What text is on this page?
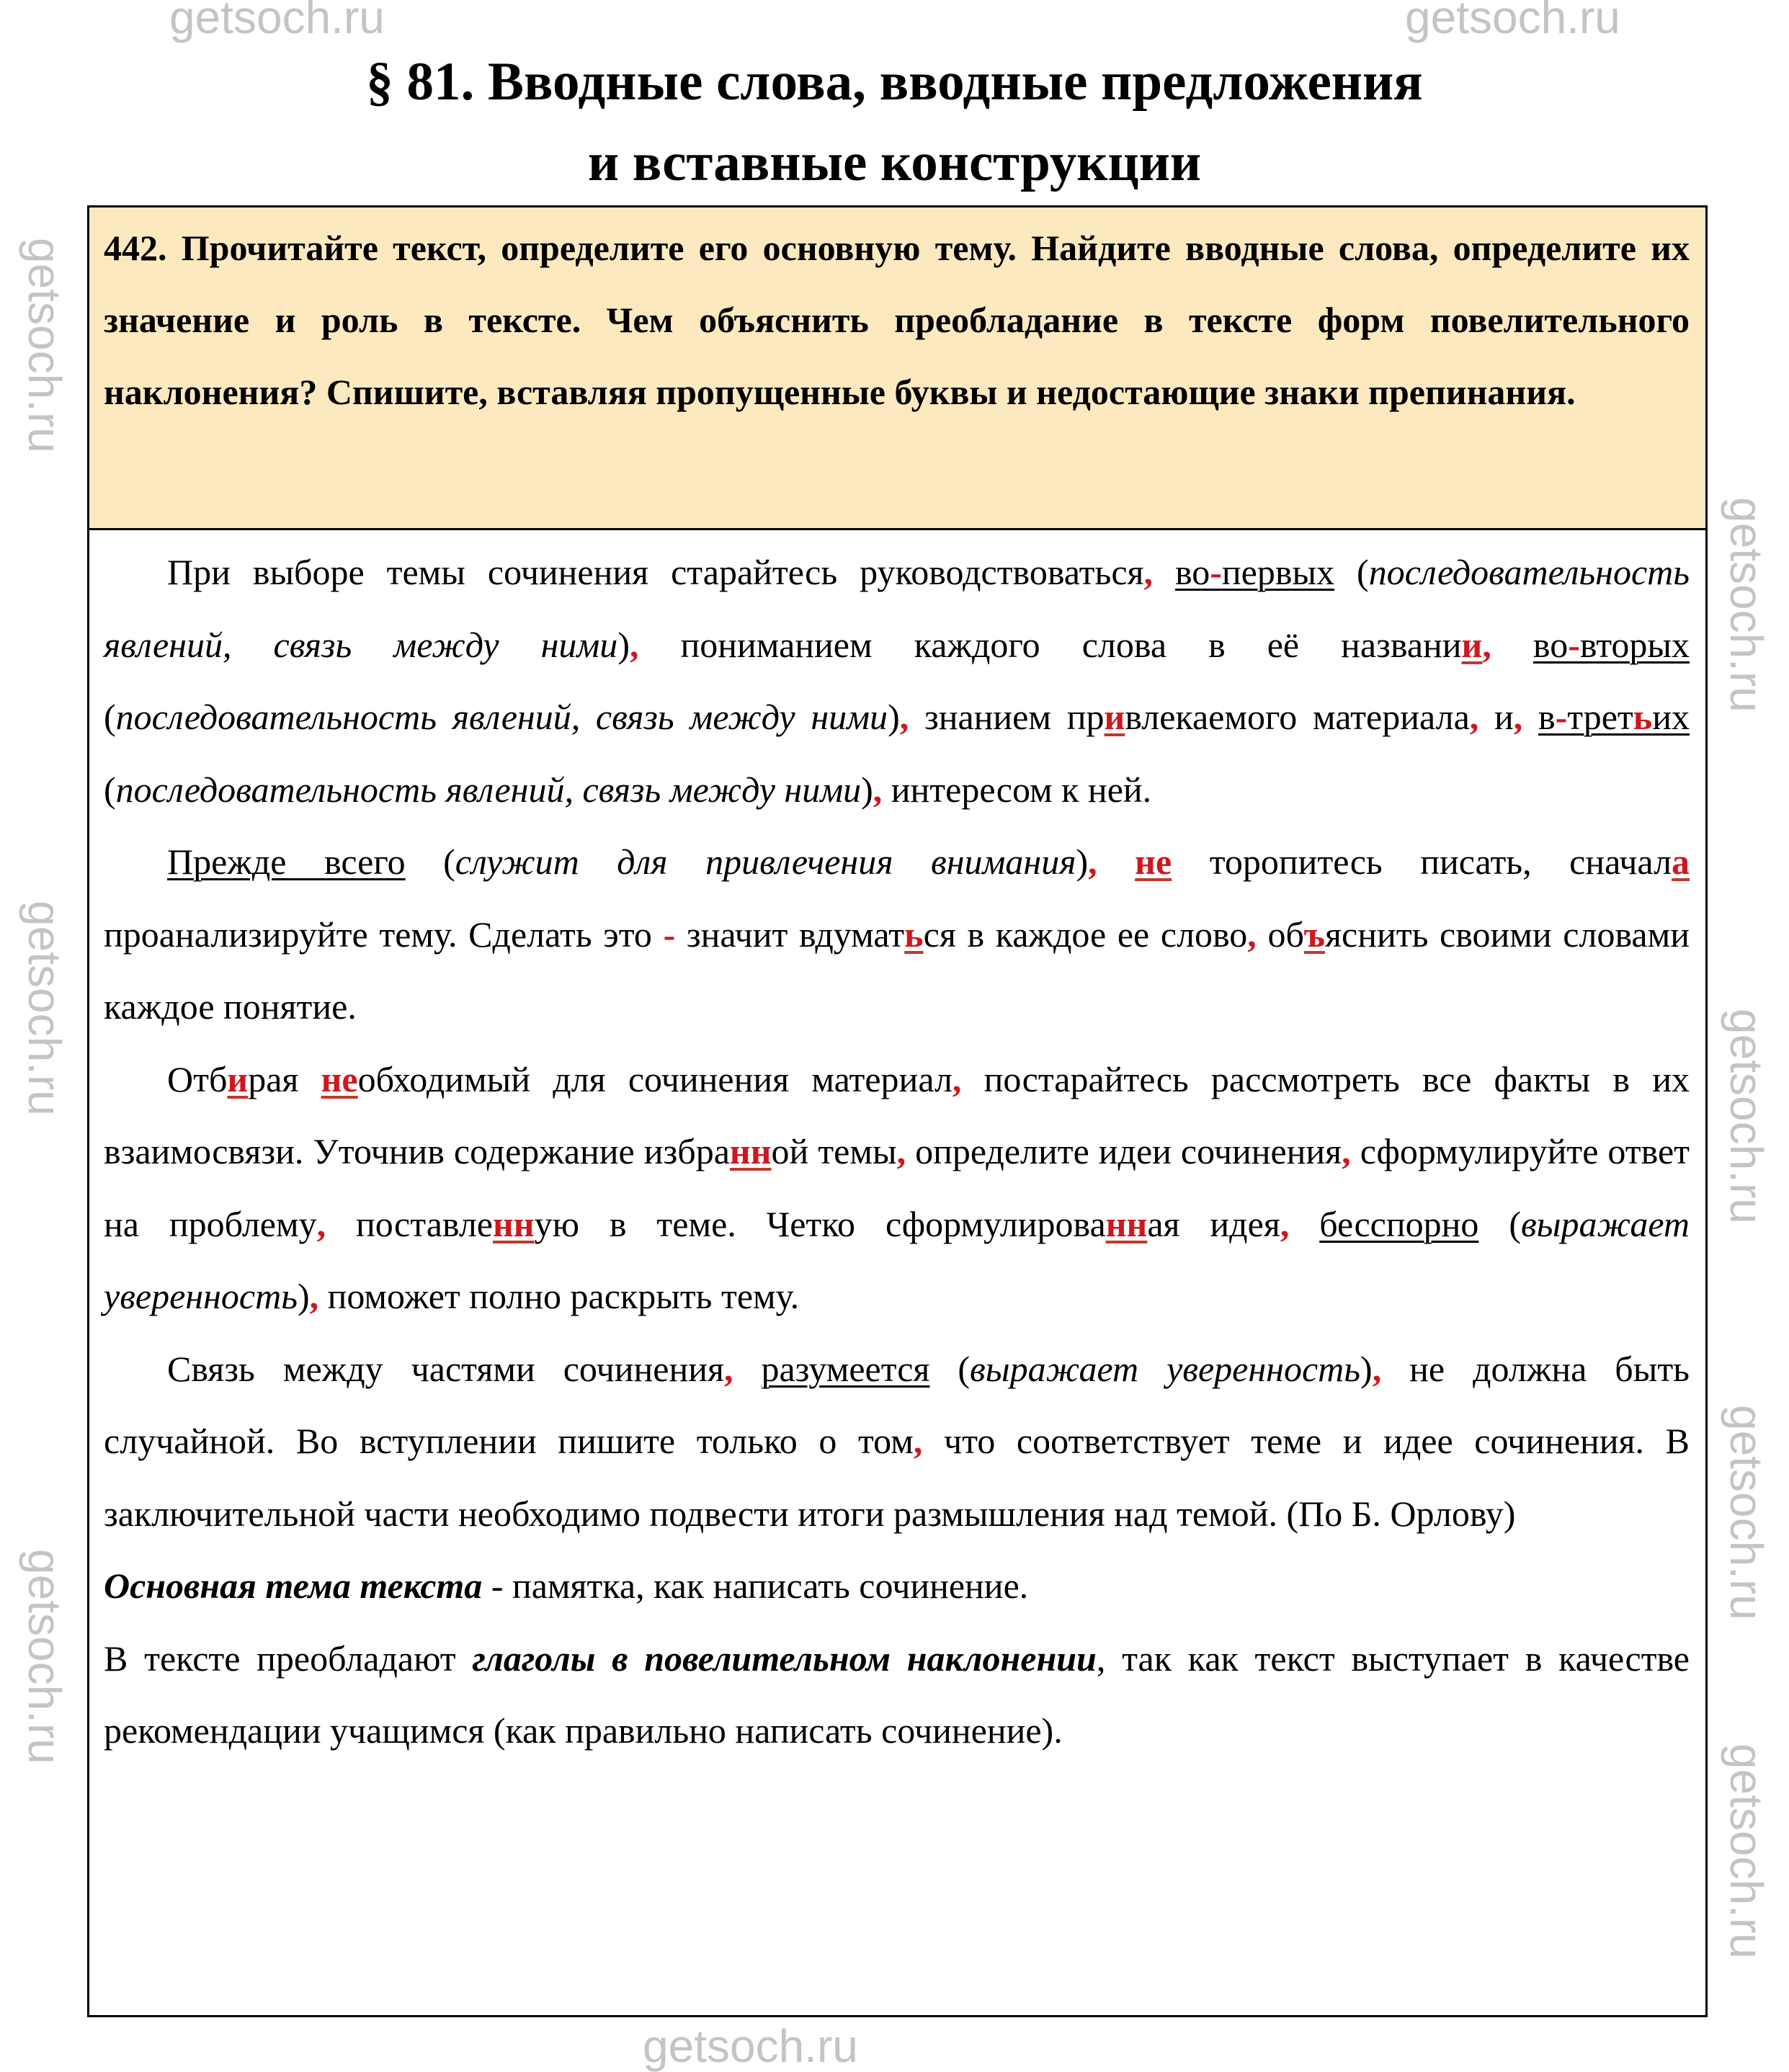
§ 81. Вводные слова, вводные предложения
и вставные конструкции
442. Прочитайте текст, определите его основную тему. Найдите вводные слова, определите их значение и роль в тексте. Чем объяснить преобладание в тексте форм повелительного наклонения? Спишите, вставляя пропущенные буквы и недостающие знаки препинания.

При выборе темы сочинения старайтесь руководствоваться, во-первых (последовательность явлений, связь между ними), пониманием каждого слова в её названии, во-вторых (последовательность явлений, связь между ними), знанием привлекаемого материала, и, в-третьих (последовательность явлений, связь между ними), интересом к ней.

Прежде всего (служит для привлечения внимания), не торопитесь писать, сначала проанализируйте тему. Сделать это - значит вдуматься в каждое ее слово, объяснить своими словами каждое понятие.

Отбирая необходимый для сочинения материал, постарайтесь рассмотреть все факты в их взаимосвязи. Уточнив содержание избранной темы, определите идеи сочинения, сформулируйте ответ на проблему, поставленную в теме. Четко сформулированная идея, бесспорно (выражает уверенность), поможет полно раскрыть тему.

Связь между частями сочинения, разумеется (выражает уверенность), не должна быть случайной. Во вступлении пишите только о том, что соответствует теме и идее сочинения. В заключительной части необходимо подвести итоги размышления над темой. (По Б. Орлову)

Основная тема текста - памятка, как написать сочинение.

В тексте преобладают глаголы в повелительном наклонении, так как текст выступает в качестве рекомендации учащимся (как правильно написать сочинение).

getsoch.ru	getsoch.ru
getsoch.ru
getsoch.ru
getsoch.ru
getsoch.ru
getsoch.ru
getsoch.ru
getsoch.ru
getsoch.ru
